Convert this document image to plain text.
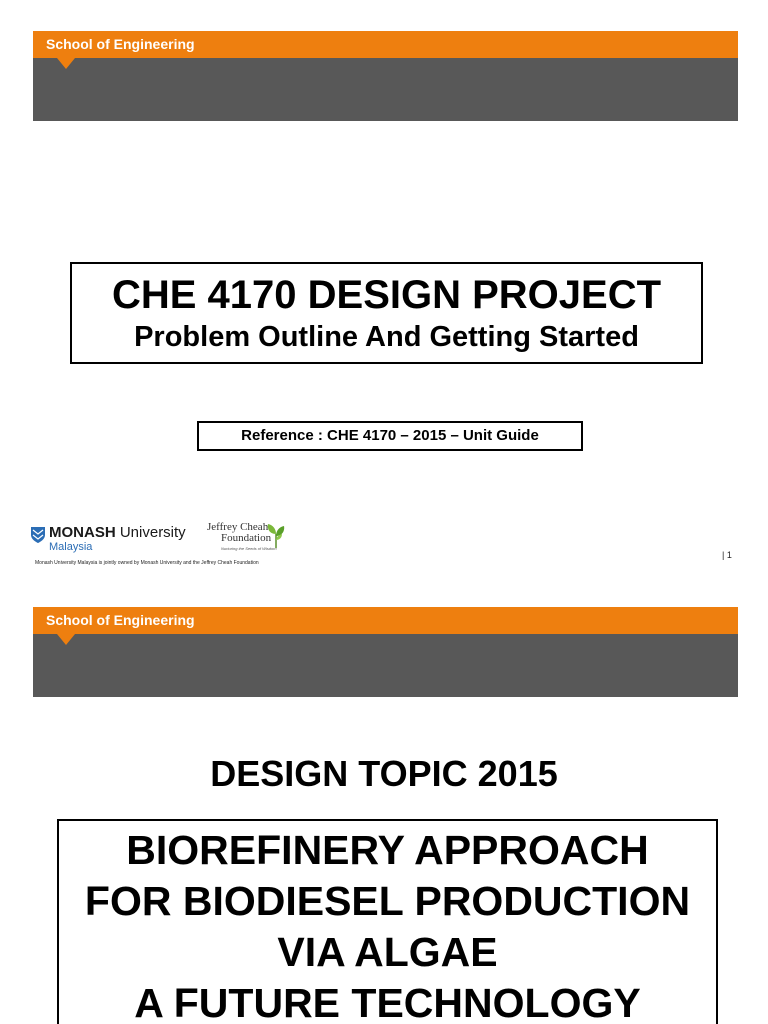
School of Engineering
CHE 4170 DESIGN PROJECT
Problem Outline And Getting Started
Reference : CHE 4170 – 2015 – Unit Guide
MONASH University
Malaysia
Jeffrey Cheah
Foundation
Nurturing the Seeds of Wisdom
Monash University Malaysia is jointly owned by Monash University and the Jeffrey Cheah Foundation
| 1
School of Engineering
DESIGN TOPIC 2015
BIOREFINERY APPROACH
FOR BIODIESEL PRODUCTION
VIA ALGAE
A FUTURE TECHNOLOGY
